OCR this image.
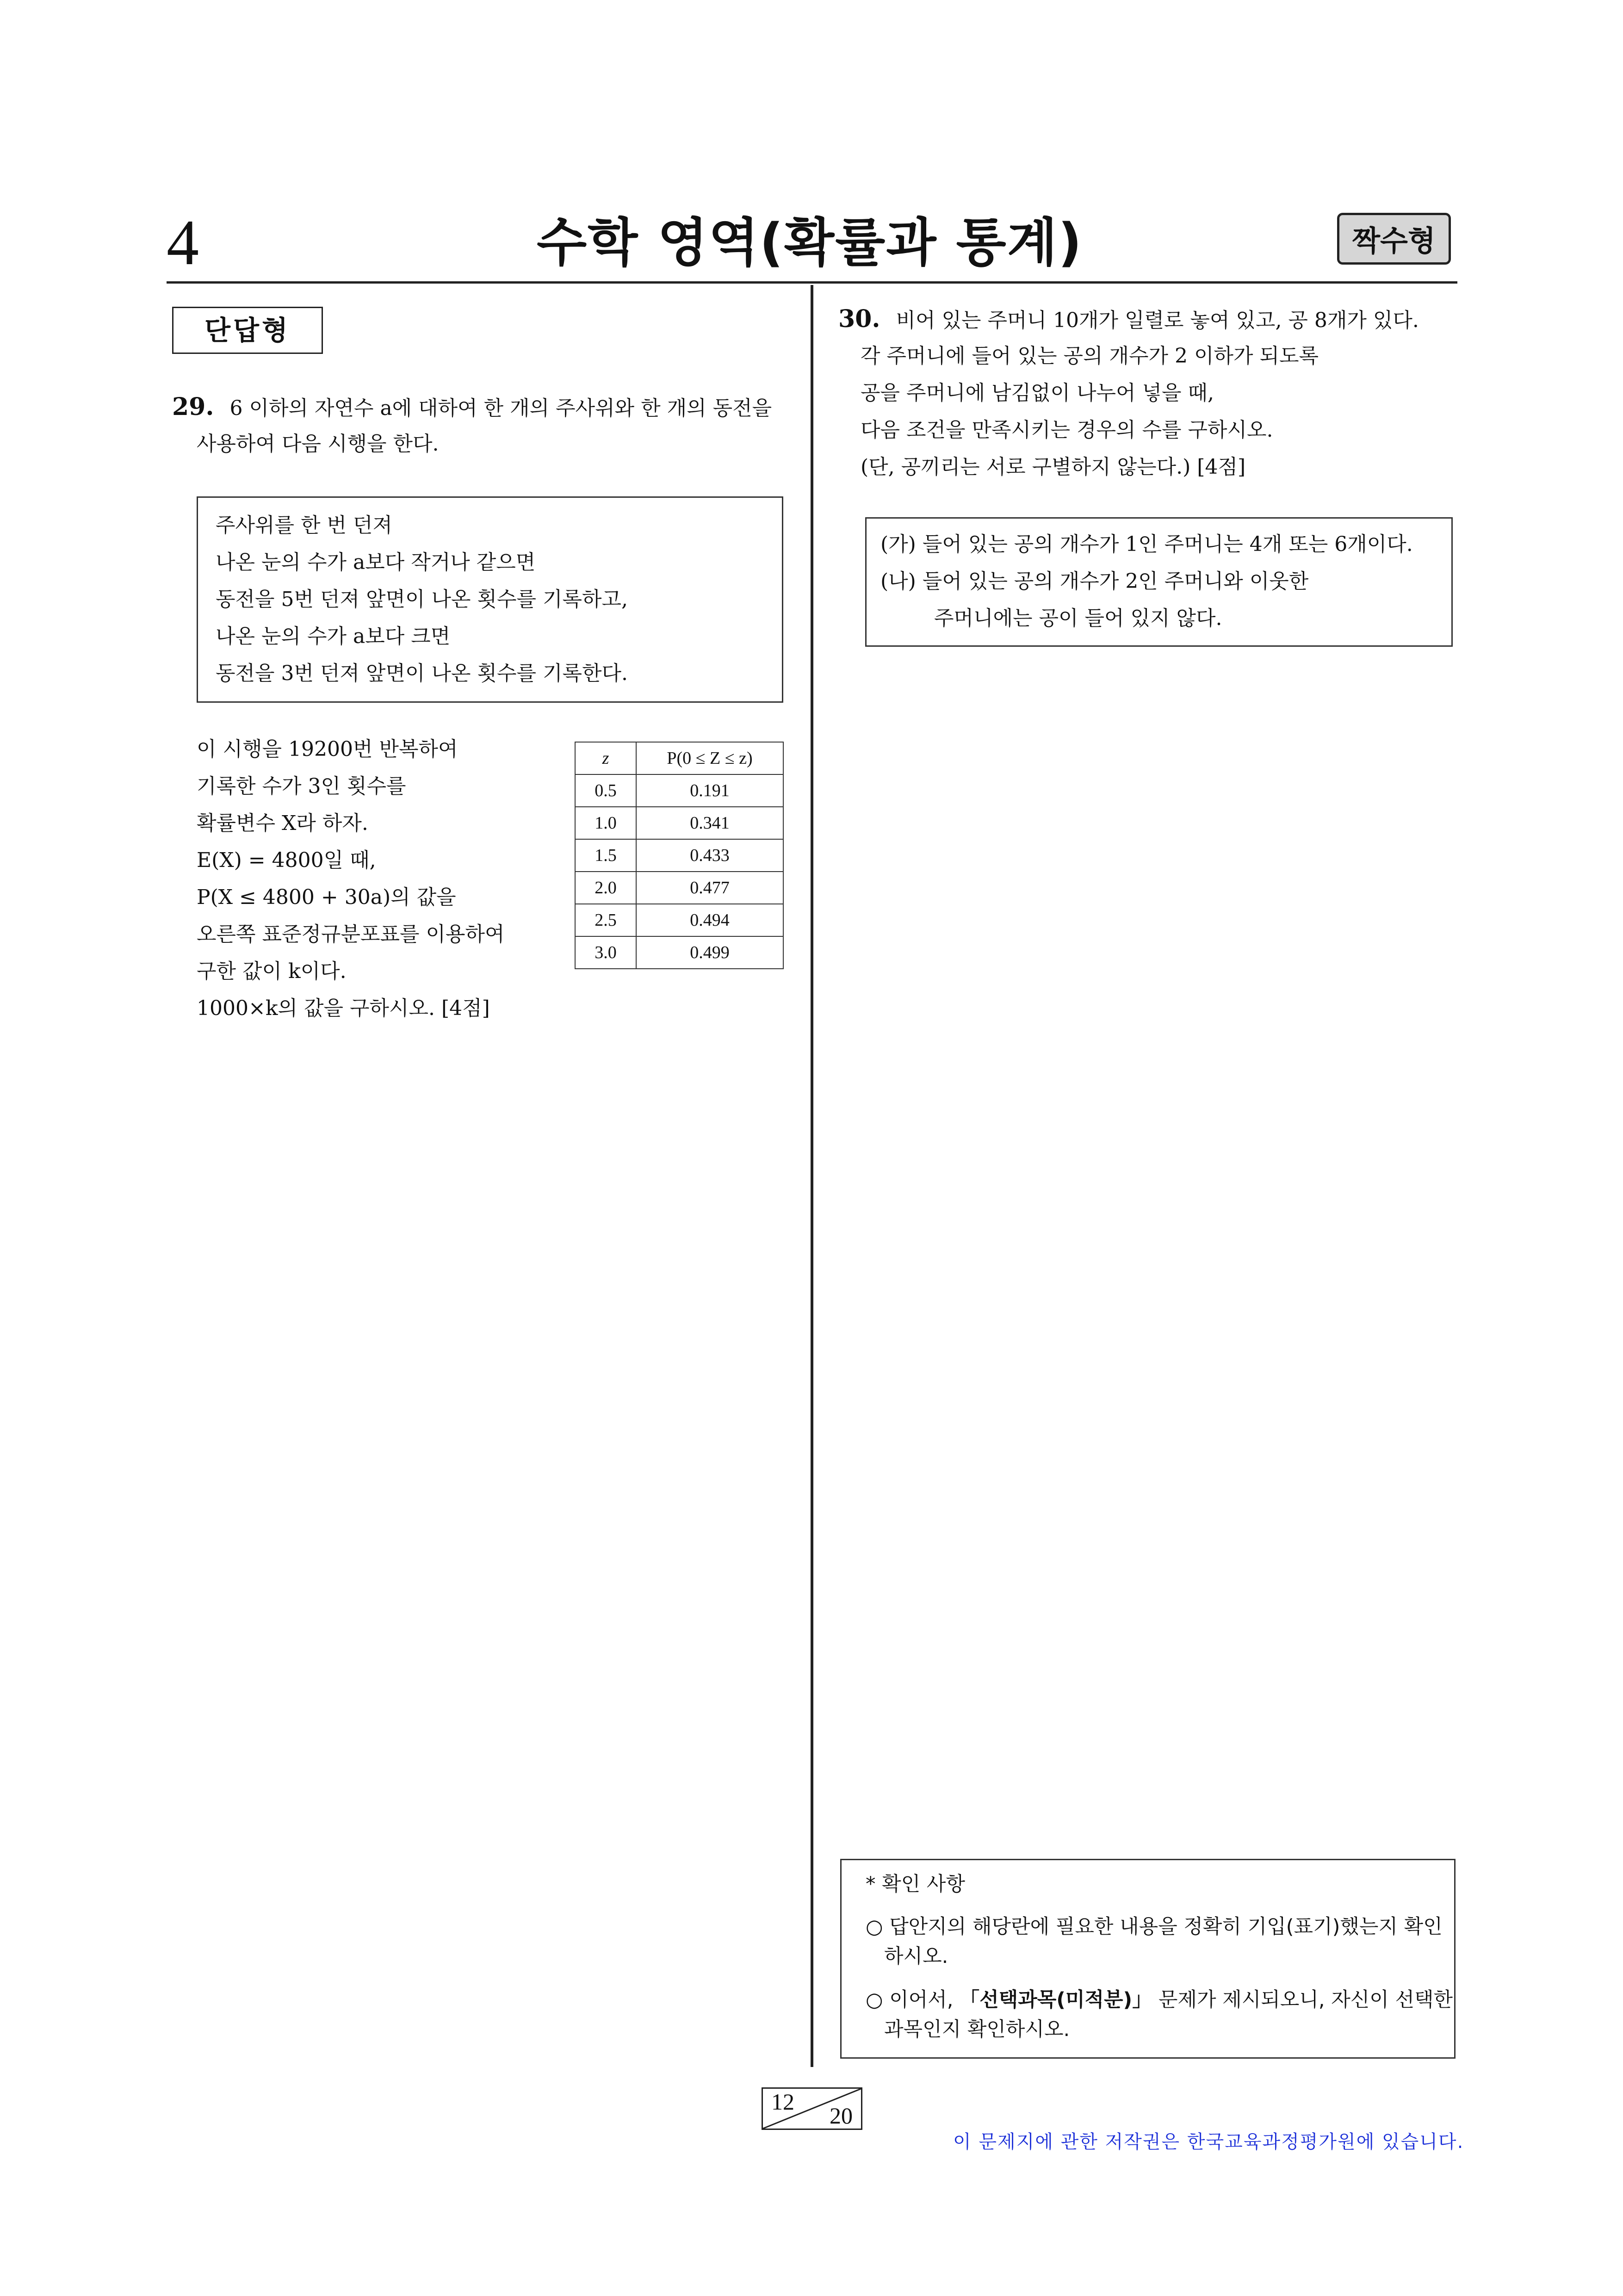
4	수학 영역(확률과 통계)	짝수형
단답형
29. 6 이하의 자연수 a에 대하여 한 개의 주사위와 한 개의 동전을
사용하여 다음 시행을 한다.
주사위를 한 번 던져
나온 눈의 수가 a보다 작거나 같으면
동전을 5번 던져 앞면이 나온 횟수를 기록하고,
나온 눈의 수가 a보다 크면
동전을 3번 던져 앞면이 나온 횟수를 기록한다.
이 시행을 19200번 반복하여
기록한 수가 3인 횟수를
확률변수 X라 하자.
E(X) = 4800일 때,
P(X ≤ 4800 + 30a)의 값을
오른쪽 표준정규분포표를 이용하여
구한 값이 k이다.
1000×k의 값을 구하시오. [4점]
z	P(0 ≤ Z ≤ z)
0.5	0.191
1.0	0.341
1.5	0.433
2.0	0.477
2.5	0.494
3.0	0.499
30. 비어 있는 주머니 10개가 일렬로 놓여 있고, 공 8개가 있다.
각 주머니에 들어 있는 공의 개수가 2 이하가 되도록
공을 주머니에 남김없이 나누어 넣을 때,
다음 조건을 만족시키는 경우의 수를 구하시오.
(단, 공끼리는 서로 구별하지 않는다.) [4점]
(가) 들어 있는 공의 개수가 1인 주머니는 4개 또는 6개이다.
(나) 들어 있는 공의 개수가 2인 주머니와 이웃한
주머니에는 공이 들어 있지 않다.
* 확인 사항
○ 답안지의 해당란에 필요한 내용을 정확히 기입(표기)했는지 확인
하시오.
○ 이어서, 「선택과목(미적분)」 문제가 제시되오니, 자신이 선택한
과목인지 확인하시오.
12
20
이 문제지에 관한 저작권은 한국교육과정평가원에 있습니다.
